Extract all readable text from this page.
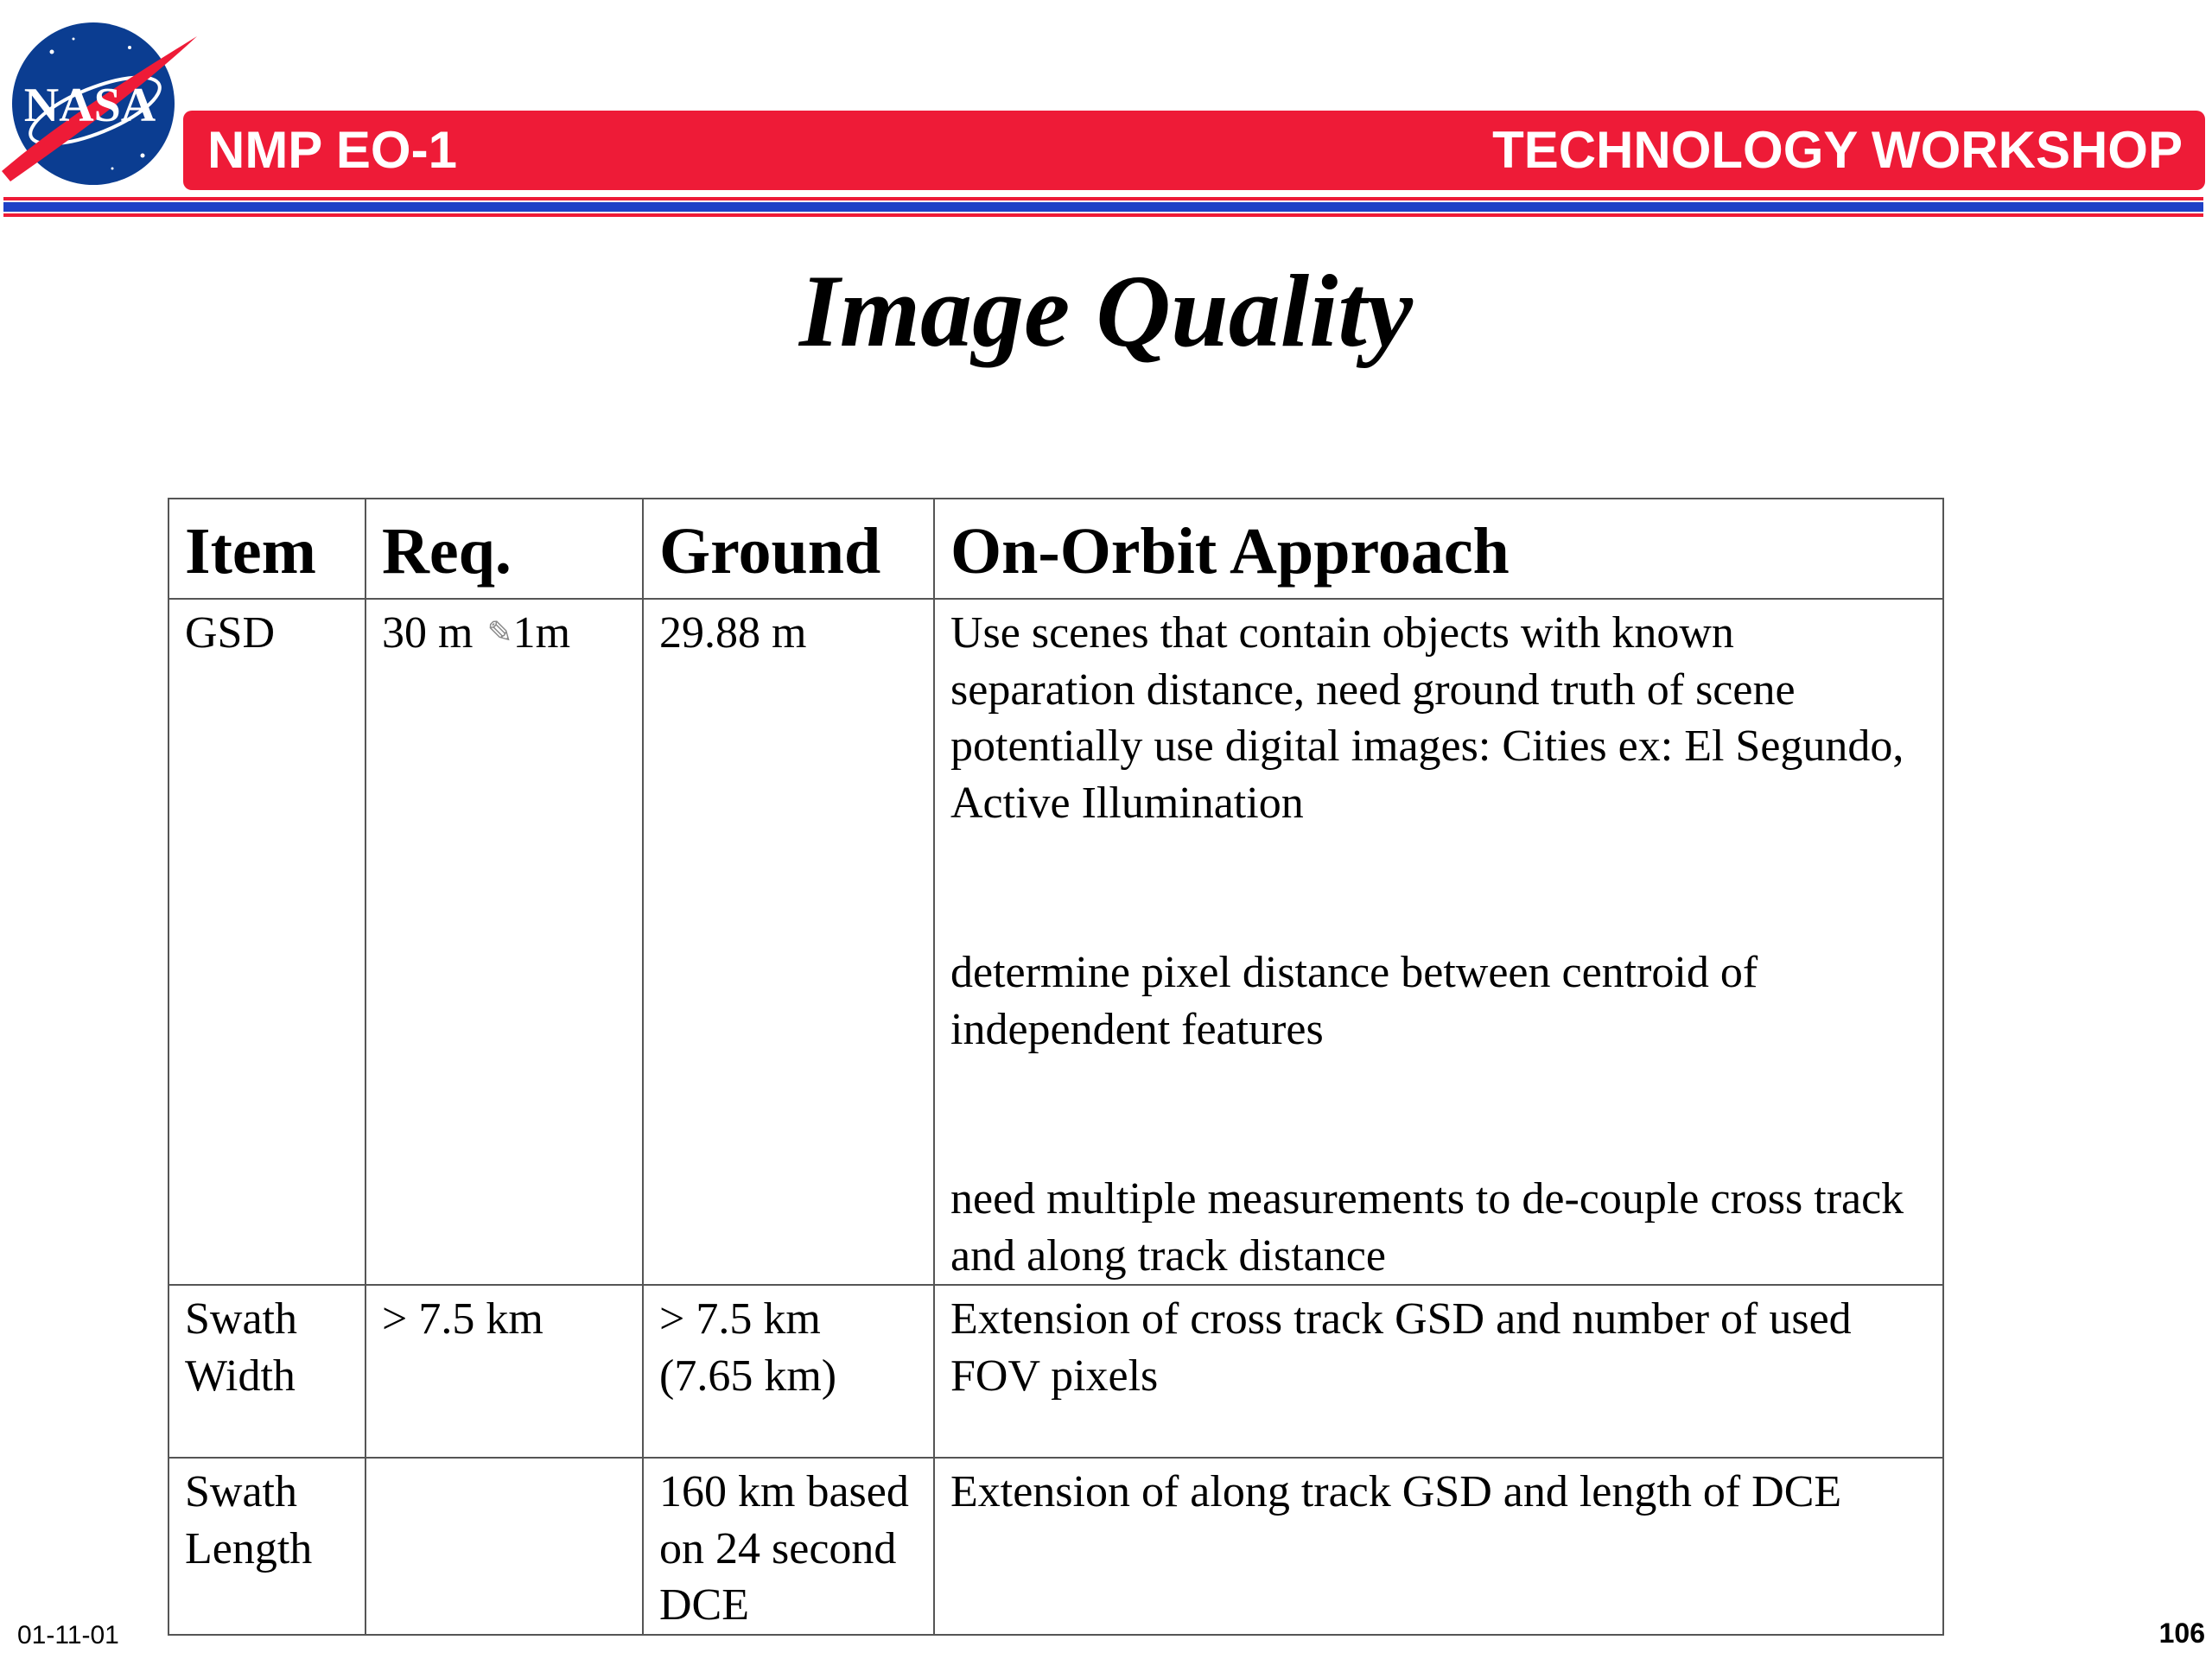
NASA
NMP EO-1	TECHNOLOGY WORKSHOP
Image Quality
Item	Req.	Ground	On-Orbit Approach
GSD	30 m ✎1m	29.88 m	Use scenes that contain objects with known separation distance, need ground truth of scene potentially use digital images: Cities ex: El Segundo, Active Illumination
determine pixel distance between centroid of independent features
need multiple measurements to de-couple cross track and along track distance
Swath Width	> 7.5 km	> 7.5 km (7.65 km)	Extension of cross track GSD and number of used FOV pixels
Swath Length		160 km based on 24 second DCE	Extension of along track GSD and length of DCE
01-11-01	106
